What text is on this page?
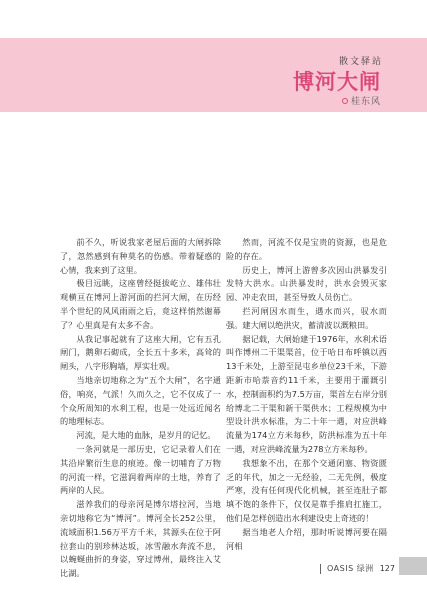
散文驿站
博河大闸
桂东风

前不久，听说我家老屋后面的大闸拆除了，忽然感到有种莫名的伤感。带着疑惑的心情，我来到了这里。

极目远眺，这座曾经挺拔屹立、雄伟壮观横亘在博河上游河面的拦河大闸，在历经半个世纪的风风雨雨之后，竟这样悄然谢幕了？心里真是有太多不舍。

从我记事起就有了这座大闸，它有五孔闸门，鹅卵石砌成，全长五十多米，高耸的闸头，八字形胸墙，厚实壮观。

当地亲切地称之为“五个大闸”，名字通俗，响亮，气派！久而久之，它不仅成了一个众所周知的水利工程，也是一处远近闻名的地理标志。

河流，是大地的血脉，是岁月的记忆。

一条河就是一部历史，它记录着人们在其沿岸繁衍生息的痕迹。像一切哺育了万物的河流一样，它滋润着两岸的土地，养育了两岸的人民。

滋养我们的母亲河是博尔塔拉河，当地亲切地称它为“博河”。博河全长252公里，流域面积1.56万平方千米，其源头在位于阿拉套山的别珍林达坂，冰雪融水奔流不息，以蜿蜒曲折的身姿，穿过博州，最终注入艾比湖。

然而，河流不仅是宝贵的资源，也是危险的存在。

历史上，博河上游曾多次因山洪暴发引发特大洪水。山洪暴发时，洪水会毁灭家园、冲走农田，甚至导致人员伤亡。

拦河闸因水而生，遇水而兴，驭水而强。建大闸以绝洪灾，蓄清波以溉粮田。

据记载，大闸始建于1976年，水利术语叫作博州二干渠渠首，位于哈日布呼镇以西13千米处，上游至昆屯乡单位23千米，下游距新市哈萘音约11千米，主要用于灌溉引水，控制面积约为7.5万亩，渠首左右岸分别给博北二干渠和新干渠供水；工程规模为中型设计洪水标准，为二十年一遇，对应洪峰流量为174立方米每秒，防洪标准为五十年一遇，对应洪峰流量为278立方米每秒。

我想象不出，在那个交通闭塞、物资匮乏的年代，加之一无经验，二无先例，极度严寒，没有任何现代化机械，甚至连肚子都填不饱的条件下，仅仅是靠手推肩扛施工，他们是怎样创造出水利建设史上奇迹的！

据当地老人介绍，那时听说博河要在隔河相

OASIS 绿洲 127
